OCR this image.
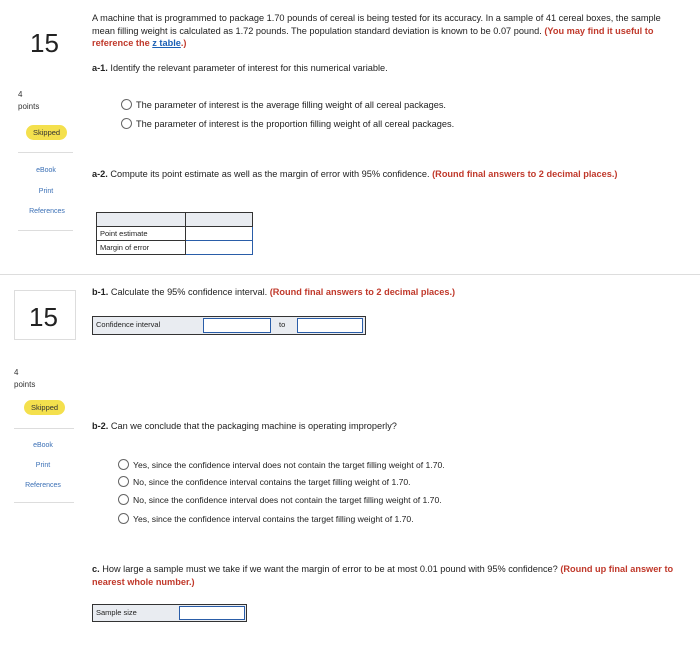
15
4
points
Skipped
eBook
Print
References
A machine that is programmed to package 1.70 pounds of cereal is being tested for its accuracy. In a sample of 41 cereal boxes, the sample mean filling weight is calculated as 1.72 pounds. The population standard deviation is known to be 0.07 pound. (You may find it useful to reference the z table.)
a-1. Identify the relevant parameter of interest for this numerical variable.
The parameter of interest is the average filling weight of all cereal packages.
The parameter of interest is the proportion filling weight of all cereal packages.
a-2. Compute its point estimate as well as the margin of error with 95% confidence. (Round final answers to 2 decimal places.)

Point estimate	
Margin of error	
15
4
points
Skipped
eBook
Print
References
b-1. Calculate the 95% confidence interval. (Round final answers to 2 decimal places.)
Confidence interval	to
b-2. Can we conclude that the packaging machine is operating improperly?
Yes, since the confidence interval does not contain the target filling weight of 1.70.
No, since the confidence interval contains the target filling weight of 1.70.
No, since the confidence interval does not contain the target filling weight of 1.70.
Yes, since the confidence interval contains the target filling weight of 1.70.
c. How large a sample must we take if we want the margin of error to be at most 0.01 pound with 95% confidence? (Round up final answer to nearest whole number.)
Sample size
